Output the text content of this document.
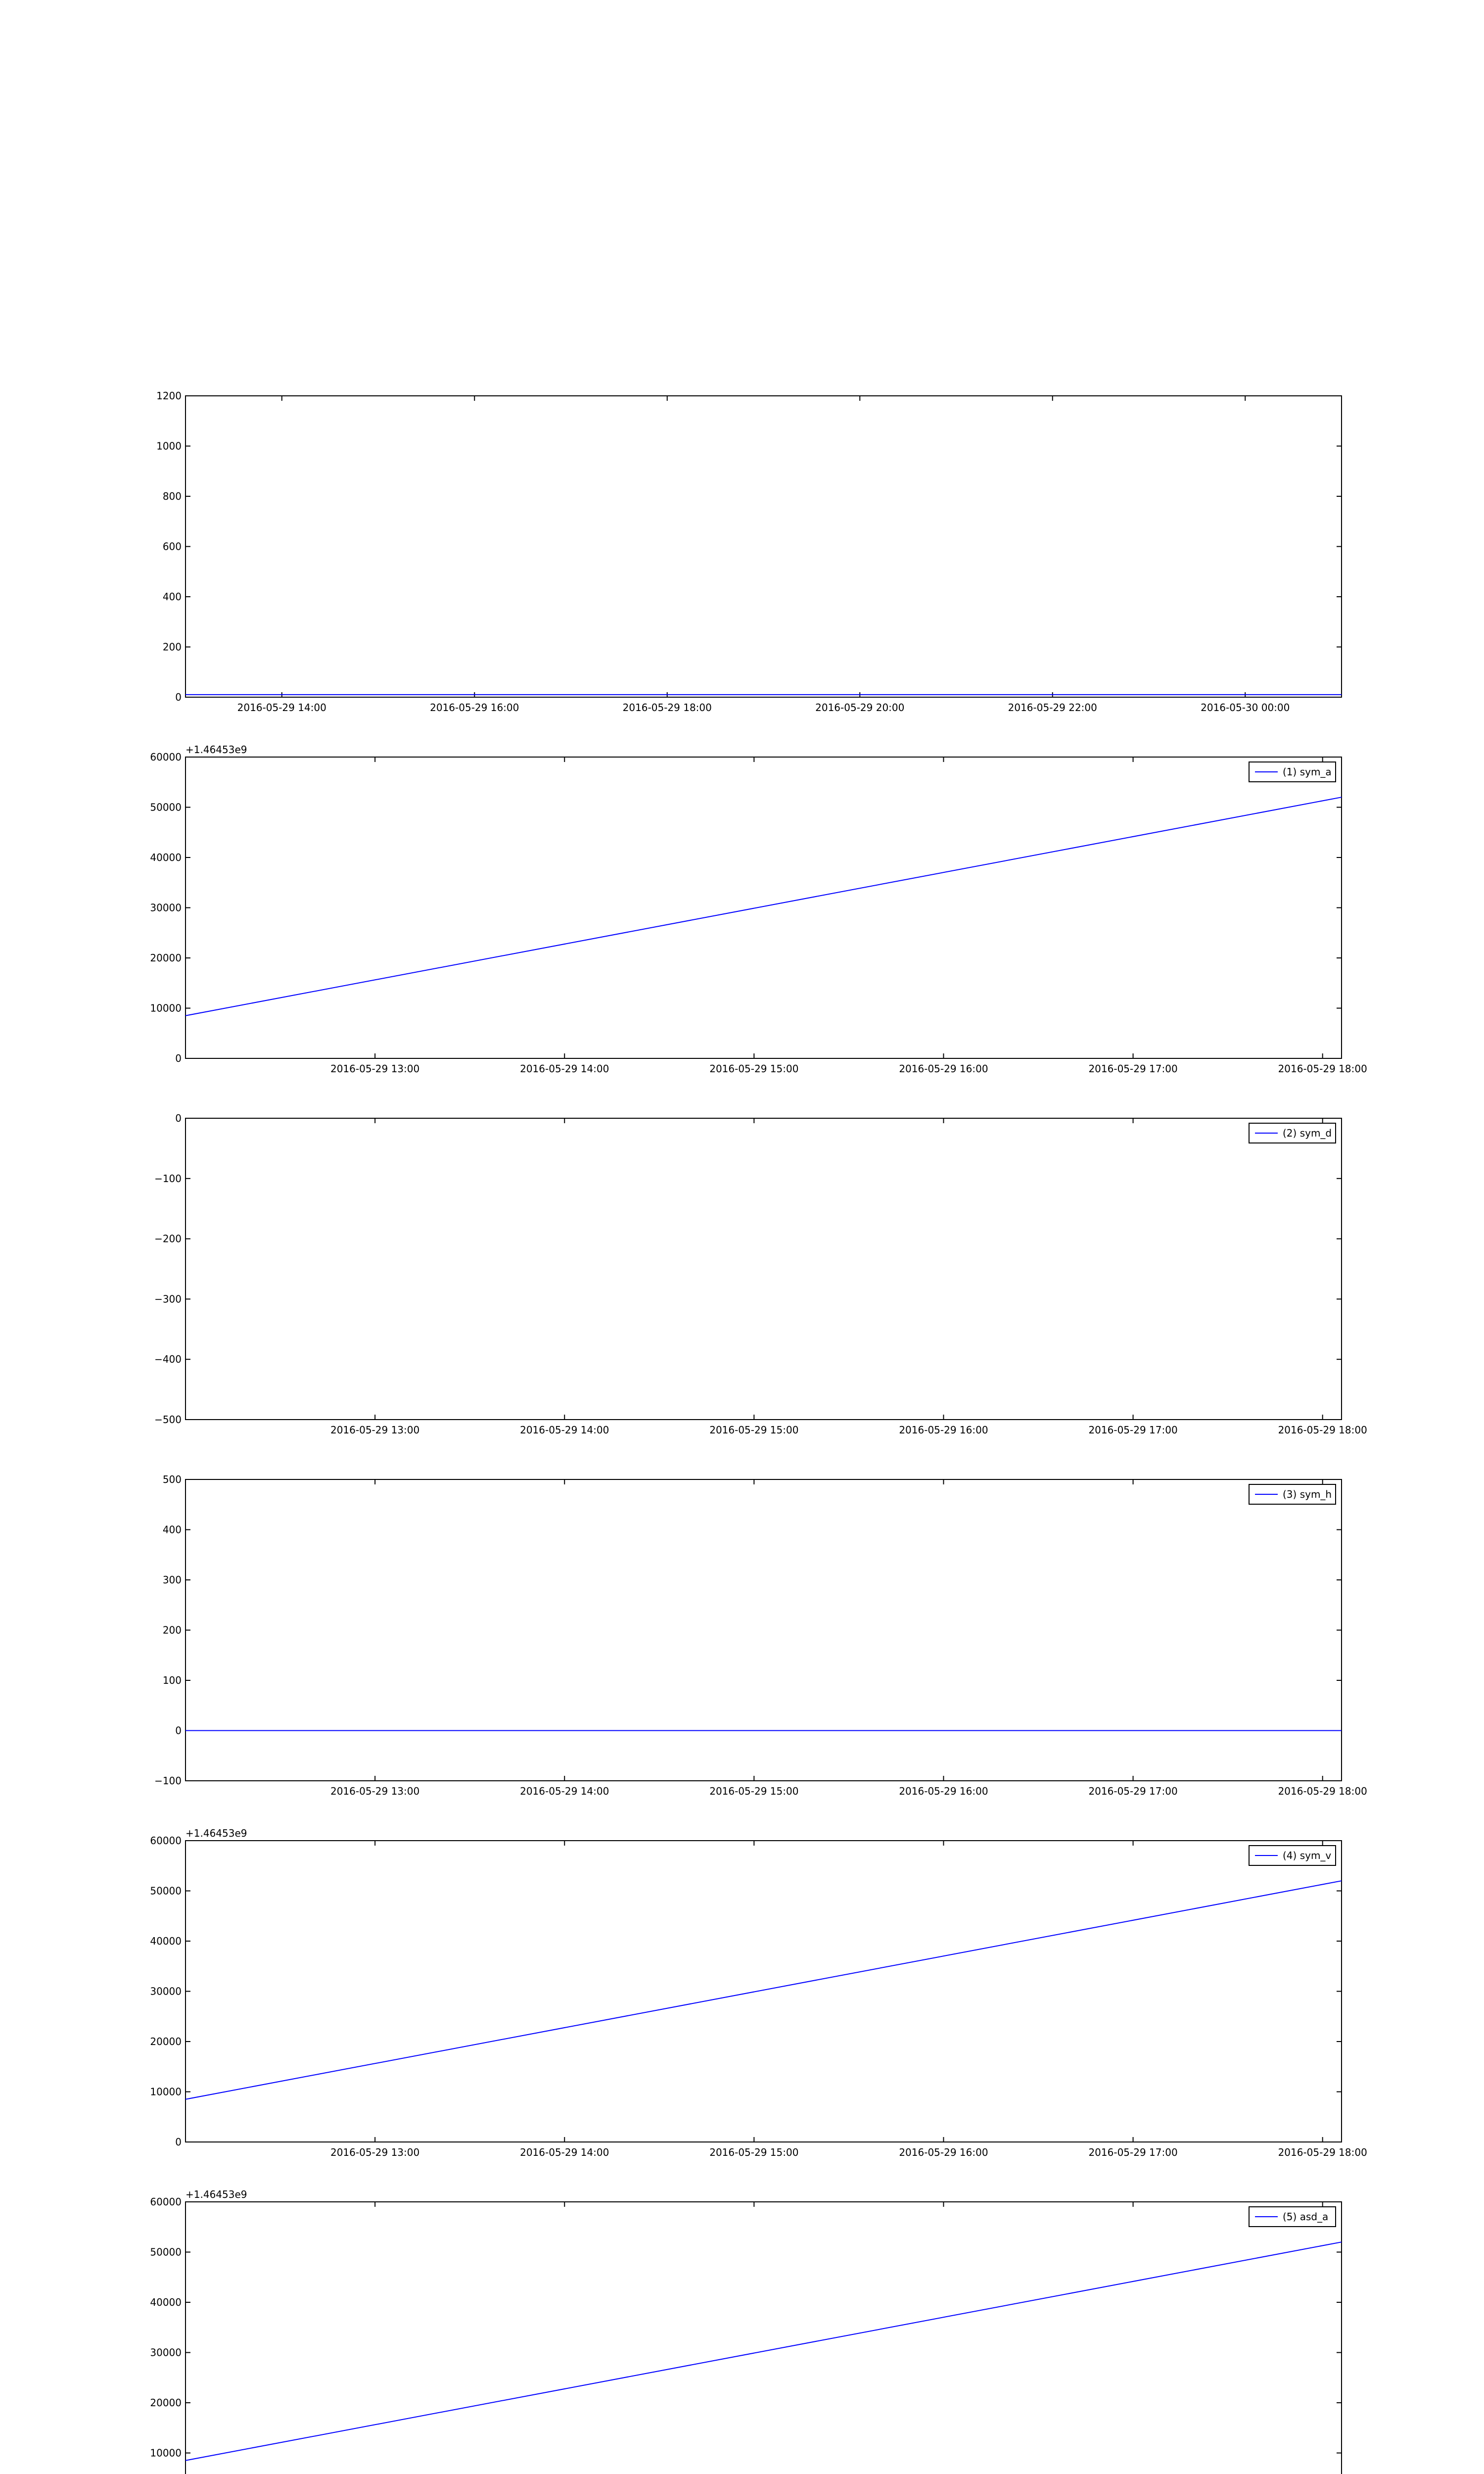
0
200
400
600
800
1000
1200
2016-05-29 14:00	2016-05-29 16:00	2016-05-29 18:00	2016-05-29 20:00	2016-05-29 22:00	2016-05-30 00:00
0
10000
20000
30000
40000
50000
60000
2016-05-29 13:00	2016-05-29 14:00	2016-05-29 15:00	2016-05-29 16:00	2016-05-29 17:00	2016-05-29 18:00
+1.46453e9
(1) sym_a
−500
−400
−300
−200
−100
0
2016-05-29 13:00	2016-05-29 14:00	2016-05-29 15:00	2016-05-29 16:00	2016-05-29 17:00	2016-05-29 18:00
(2) sym_d
−100
0
100
200
300
400
500
2016-05-29 13:00	2016-05-29 14:00	2016-05-29 15:00	2016-05-29 16:00	2016-05-29 17:00	2016-05-29 18:00
(3) sym_h
0
10000
20000
30000
40000
50000
60000
2016-05-29 13:00	2016-05-29 14:00	2016-05-29 15:00	2016-05-29 16:00	2016-05-29 17:00	2016-05-29 18:00
+1.46453e9
(4) sym_v
10000
20000
30000
40000
50000
60000
+1.46453e9
(5) asd_a
